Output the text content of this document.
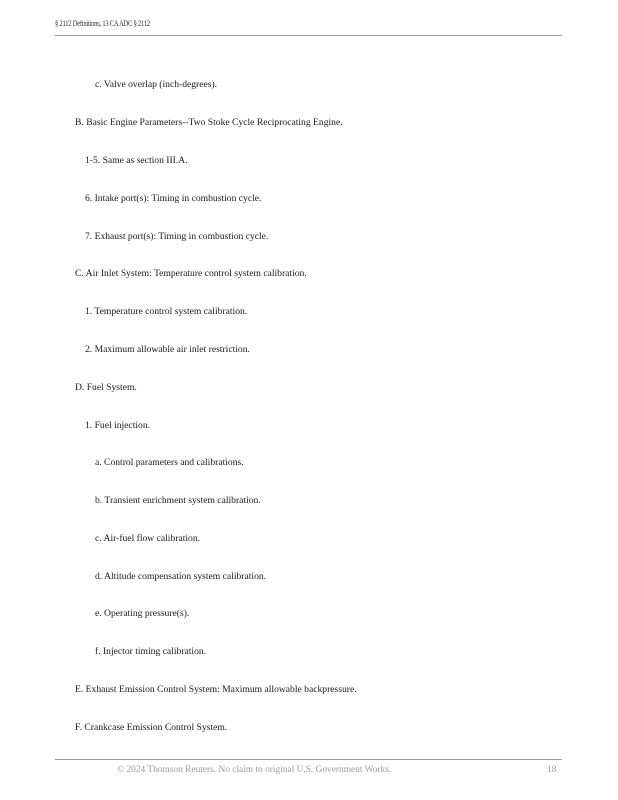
§ 2112 Definitions, 13 CA ADC § 2112
c. Valve overlap (inch-degrees).
B. Basic Engine Parameters--Two Stoke Cycle Reciprocating Engine.
1-5. Same as section III.A.
6. Intake port(s): Timing in combustion cycle.
7. Exhaust port(s): Timing in combustion cycle.
C. Air Inlet System: Temperature control system calibration.
1. Temperature control system calibration.
2. Maximum allowable air inlet restriction.
D. Fuel System.
1. Fuel injection.
a. Control parameters and calibrations.
b. Transient enrichment system calibration.
c. Air-fuel flow calibration.
d. Altitude compensation system calibration.
e. Operating pressure(s).
f. Injector timing calibration.
E. Exhaust Emission Control System: Maximum allowable backpressure.
F. Crankcase Emission Control System.
© 2024 Thomson Reuters. No claim to original U.S. Government Works.	18
